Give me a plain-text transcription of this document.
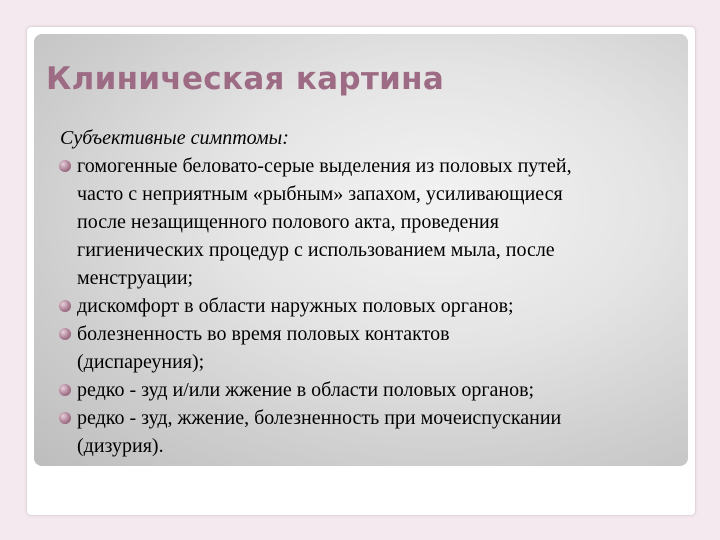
Клиническая картина
Субъективные симптомы:
гомогенные беловато-серые выделения из половых путей,
часто с неприятным «рыбным» запахом, усиливающиеся
после незащищенного полового акта, проведения
гигиенических процедур с использованием мыла, после
менструации;
дискомфорт в области наружных половых органов;
болезненность во время половых контактов
(диспареуния);
редко - зуд и/или жжение в области половых органов;
редко - зуд, жжение, болезненность при мочеиспускании
(дизурия).
